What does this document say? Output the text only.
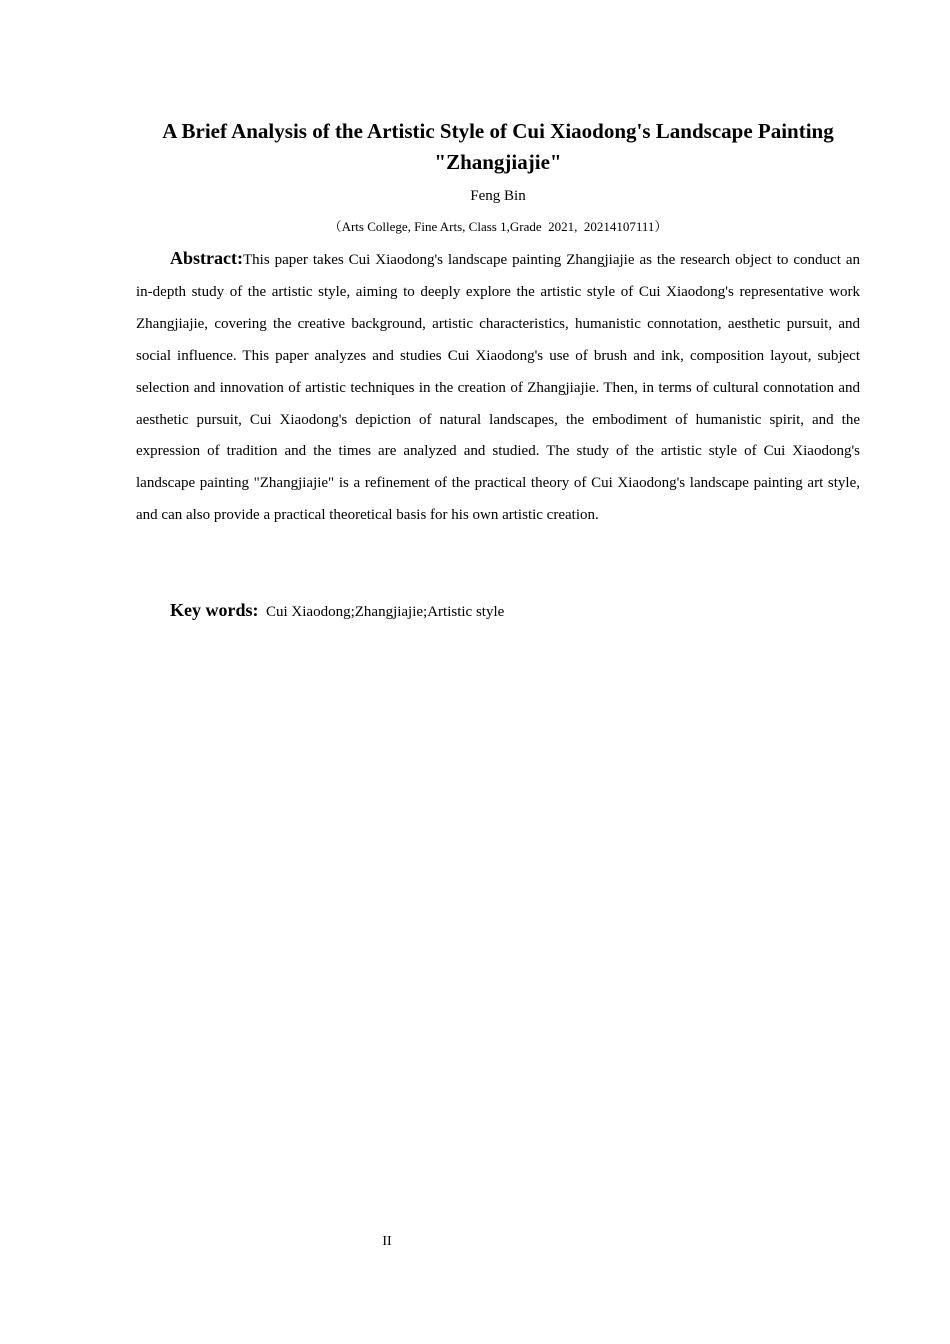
A Brief Analysis of the Artistic Style of Cui Xiaodong's Landscape Painting
"Zhangjiajie"
Feng Bin
（Arts College, Fine Arts, Class 1,Grade  2021,  20214107111）

Abstract:This paper takes Cui Xiaodong's landscape painting Zhangjiajie as the research object to conduct an in-depth study of the artistic style, aiming to deeply explore the artistic style of Cui Xiaodong's representative work Zhangjiajie, covering the creative background, artistic characteristics, humanistic connotation, aesthetic pursuit, and social influence. This paper analyzes and studies Cui Xiaodong's use of brush and ink, composition layout, subject selection and innovation of artistic techniques in the creation of Zhangjiajie. Then, in terms of cultural connotation and aesthetic pursuit, Cui Xiaodong's depiction of natural landscapes, the embodiment of humanistic spirit, and the expression of tradition and the times are analyzed and studied. The study of the artistic style of Cui Xiaodong's landscape painting "Zhangjiajie" is a refinement of the practical theory of Cui Xiaodong's landscape painting art style, and can also provide a practical theoretical basis for his own artistic creation.

Key words: Cui Xiaodong;Zhangjiajie;Artistic style

II
